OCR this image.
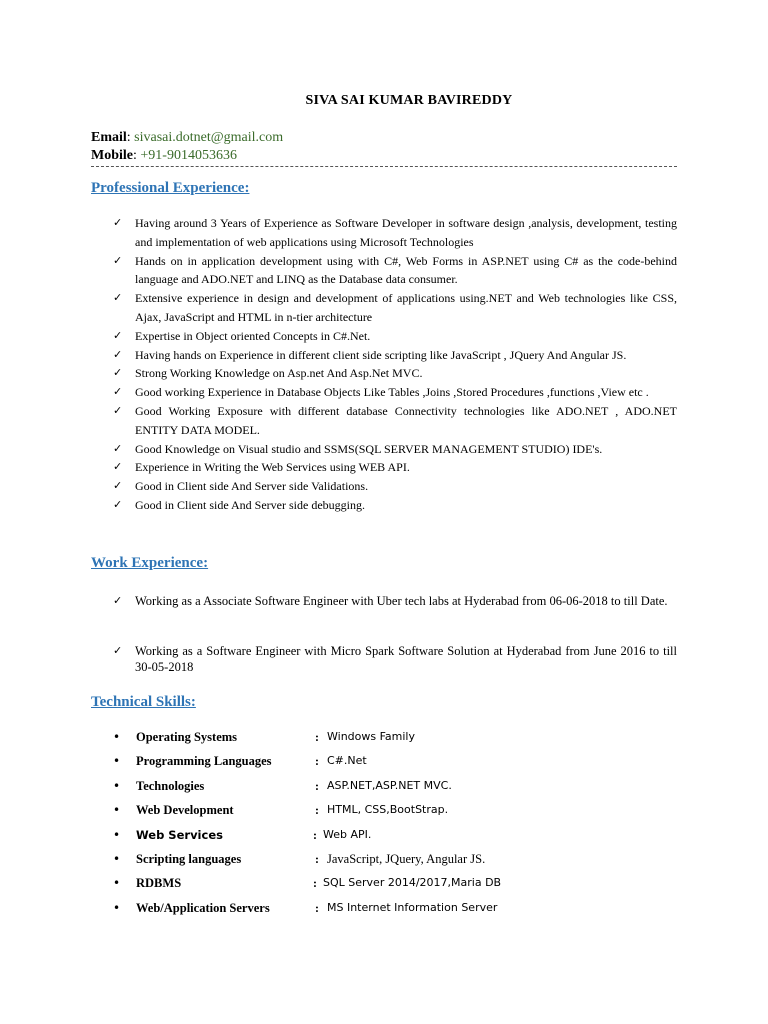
SIVA SAI KUMAR BAVIREDDY
Email: sivasai.dotnet@gmail.com
Mobile: +91-9014053636
Professional Experience:
✓ Having around 3 Years of Experience as Software Developer in software design ,analysis, development, testing and implementation of web applications using Microsoft Technologies
✓ Hands on in application development using with C#, Web Forms in ASP.NET using C# as the code-behind language and ADO.NET and LINQ as the Database data consumer.
✓ Extensive experience in design and development of applications using.NET and Web technologies like CSS, Ajax, JavaScript and HTML in n-tier architecture
✓ Expertise in Object oriented Concepts in C#.Net.
✓ Having hands on Experience in different client side scripting like JavaScript , JQuery And Angular JS.
✓ Strong Working Knowledge on Asp.net And Asp.Net MVC.
✓ Good working Experience in Database Objects Like Tables ,Joins ,Stored Procedures ,functions ,View etc .
✓ Good Working Exposure with different database Connectivity technologies like ADO.NET , ADO.NET ENTITY DATA MODEL.
✓ Good Knowledge on Visual studio and SSMS(SQL SERVER MANAGEMENT STUDIO) IDE's.
✓ Experience in Writing the Web Services using WEB API.
✓ Good in Client side And Server side Validations.
✓ Good in Client side And Server side debugging.
Work Experience:
✓ Working as a Associate Software Engineer with Uber tech labs at Hyderabad from 06-06-2018 to till Date.
✓ Working as a Software Engineer with Micro Spark Software Solution at Hyderabad from June 2016 to till 30-05-2018
Technical Skills:
• Operating Systems	: Windows Family
• Programming Languages	: C#.Net
• Technologies	: ASP.NET,ASP.NET MVC.
• Web Development	: HTML, CSS,BootStrap.
• Web Services	: Web API.
• Scripting languages	: JavaScript, JQuery, Angular JS.
• RDBMS	: SQL Server 2014/2017,Maria DB
• Web/Application Servers	: MS Internet Information Server
